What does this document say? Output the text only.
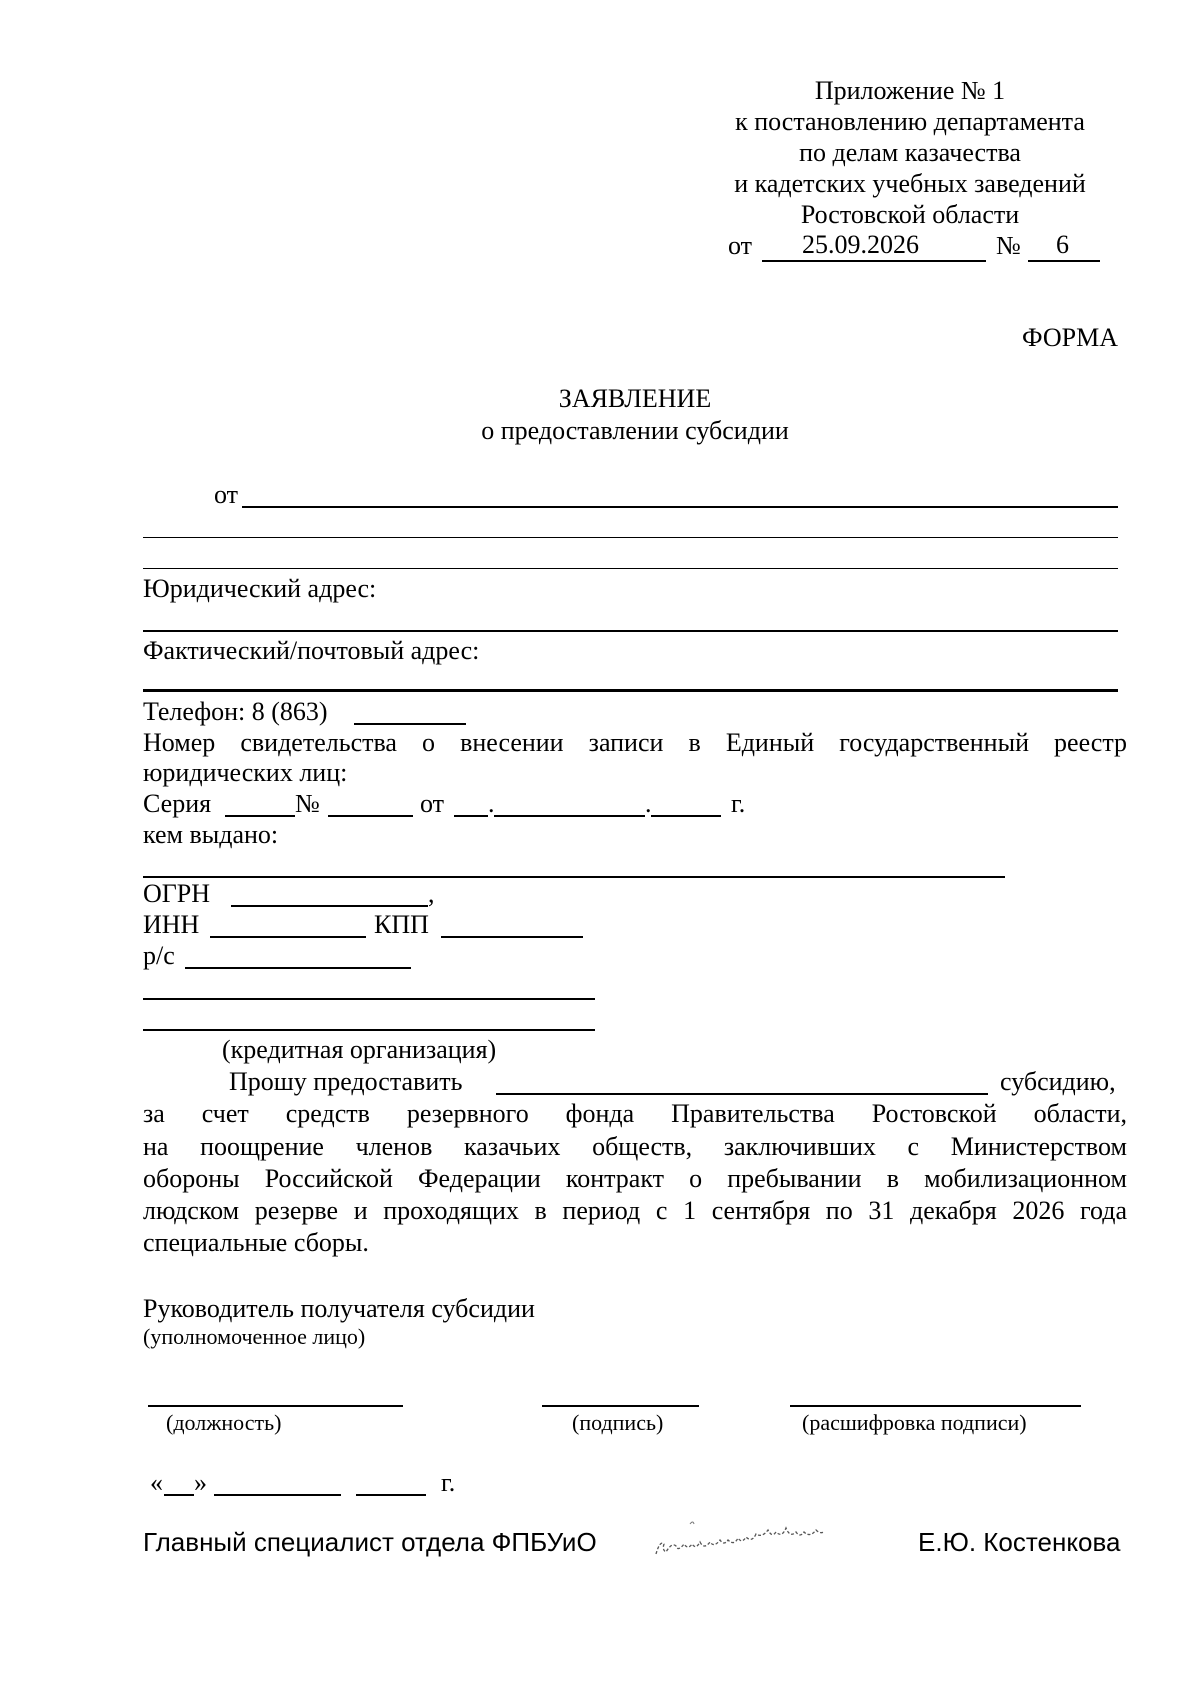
Приложение № 1
к постановлению департамента
по делам казачества
и кадетских учебных заведений
Ростовской области
от 25.09.2026	№ 6
ФОРМА
ЗАЯВЛЕНИЕ
о предоставлении субсидии
от
Юридический адрес:
Фактический/почтовый адрес:
Телефон: 8 (863)
Номер свидетельства о внесении записи в Единый государственный реестр
юридических лиц:
Серия	№	от .	.	г.
кем выдано:
ОГРН	,
ИНН	КПП
р/с
(кредитная организация)
Прошу предоставить	субсидию,
за счет средств резервного фонда Правительства Ростовской области,
на поощрение членов казачьих обществ, заключивших с Министерством
обороны Российской Федерации контракт о пребывании в мобилизационном
людском резерве и проходящих в период с 1 сентября по 31 декабря 2026 года
специальные сборы.
Руководитель получателя субсидии
(уполномоченное лицо)
(должность)	(подпись)	(расшифровка подписи)
« »	г.
Главный специалист отдела ФПБУиО	Е.Ю. Костенкова
